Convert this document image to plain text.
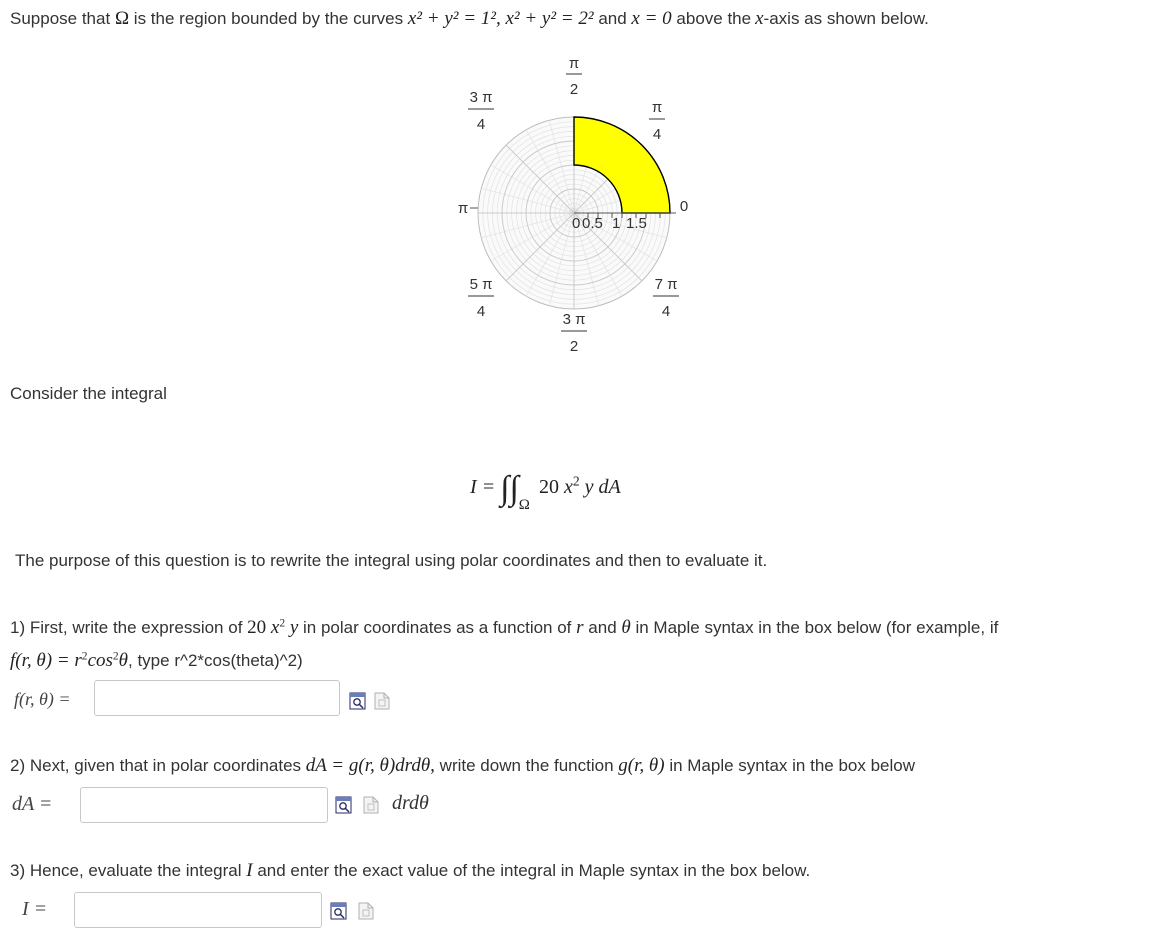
Suppose that Ω is the region bounded by the curves x² + y² = 1², x² + y² = 2² and x = 0 above the x-axis as shown below.
0 0.5 1 1.5
π
2
3 π
4
π
4
π	0
5 π
4
7 π
4
3 π
2
Consider the integral
$I = \int\int_\Omega$ 20 $x^2$ y dA
The purpose of this question is to rewrite the integral using polar coordinates and then to evaluate it.
1) First, write the expression of 20 $x^2$ y in polar coordinates as a function of r and θ in Maple syntax in the box below (for example, if
f(r, $\theta) = r^2\cos^2\theta$, type r^2*cos(theta)^2)
f(r, θ) =
2) Next, given that in polar coordinates dA = g(r, θ)drdθ, write down the function g(r, θ) in Maple syntax in the box below
dA =	drdθ
3) Hence, evaluate the integral I and enter the exact value of the integral in Maple syntax in the box below.
I =
